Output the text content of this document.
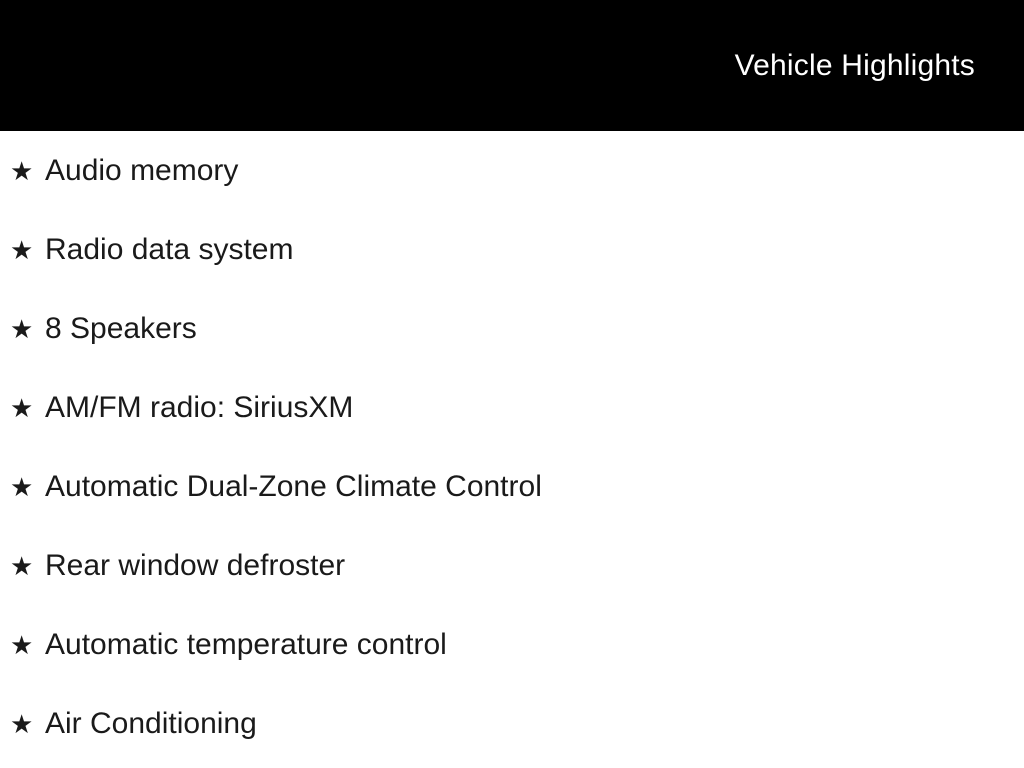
Vehicle Highlights
★ Audio memory
★ Radio data system
★ 8 Speakers
★ AM/FM radio: SiriusXM
★ Automatic Dual-Zone Climate Control
★ Rear window defroster
★ Automatic temperature control
★ Air Conditioning
